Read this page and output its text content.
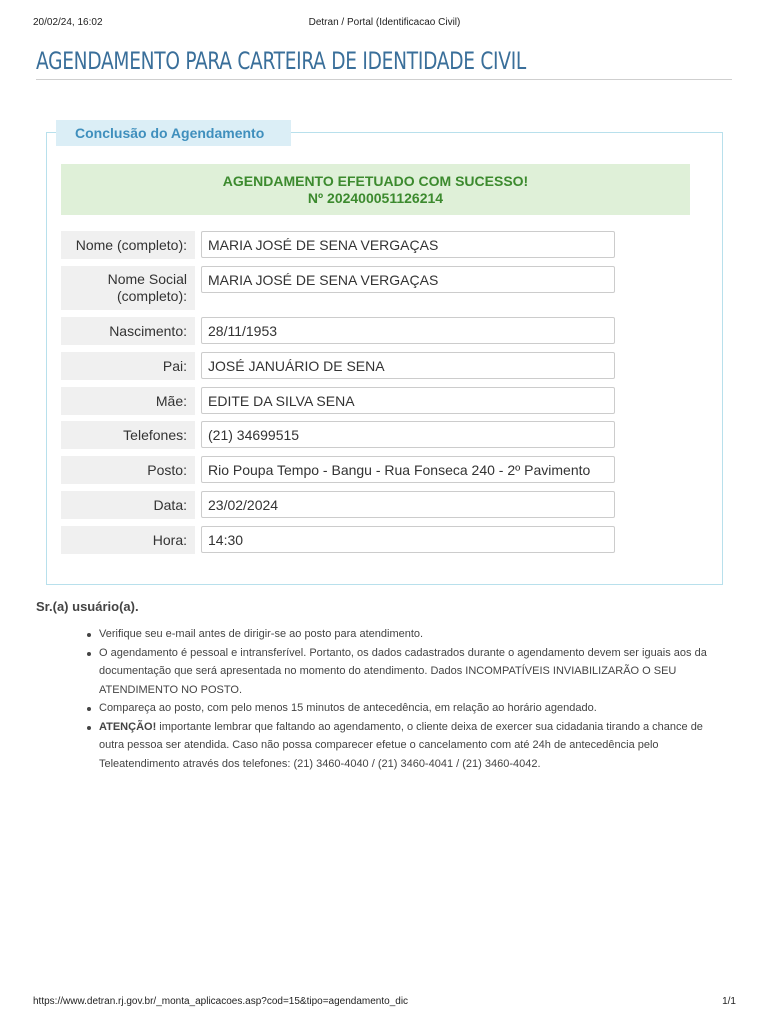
20/02/24, 16:02	Detran / Portal (Identificacao Civil)
AGENDAMENTO PARA CARTEIRA DE IDENTIDADE CIVIL
Conclusão do Agendamento
AGENDAMENTO EFETUADO COM SUCESSO!
Nº 202400051126214
Nome (completo):	MARIA JOSÉ DE SENA VERGAÇAS
Nome Social
(completo):
MARIA JOSÉ DE SENA VERGAÇAS
Nascimento:	28/11/1953
Pai:	JOSÉ JANUÁRIO DE SENA
Mãe:	EDITE DA SILVA SENA
Telefones:	(21) 34699515
Posto:	Rio Poupa Tempo - Bangu - Rua Fonseca 240 - 2º Pavimento
Data:	23/02/2024
Hora:	14:30
Sr.(a) usuário(a).
Verifique seu e-mail antes de dirigir-se ao posto para atendimento.
O agendamento é pessoal e intransferível. Portanto, os dados cadastrados durante o agendamento devem ser iguais aos da documentação que será apresentada no momento do atendimento. Dados INCOMPATÍVEIS INVIABILIZARÃO O SEU ATENDIMENTO NO POSTO.
Compareça ao posto, com pelo menos 15 minutos de antecedência, em relação ao horário agendado.
ATENÇÃO! importante lembrar que faltando ao agendamento, o cliente deixa de exercer sua cidadania tirando a chance de outra pessoa ser atendida. Caso não possa comparecer efetue o cancelamento com até 24h de antecedência pelo Teleatendimento através dos telefones: (21) 3460-4040 / (21) 3460-4041 / (21) 3460-4042.
https://www.detran.rj.gov.br/_monta_aplicacoes.asp?cod=15&tipo=agendamento_dic	1/1
